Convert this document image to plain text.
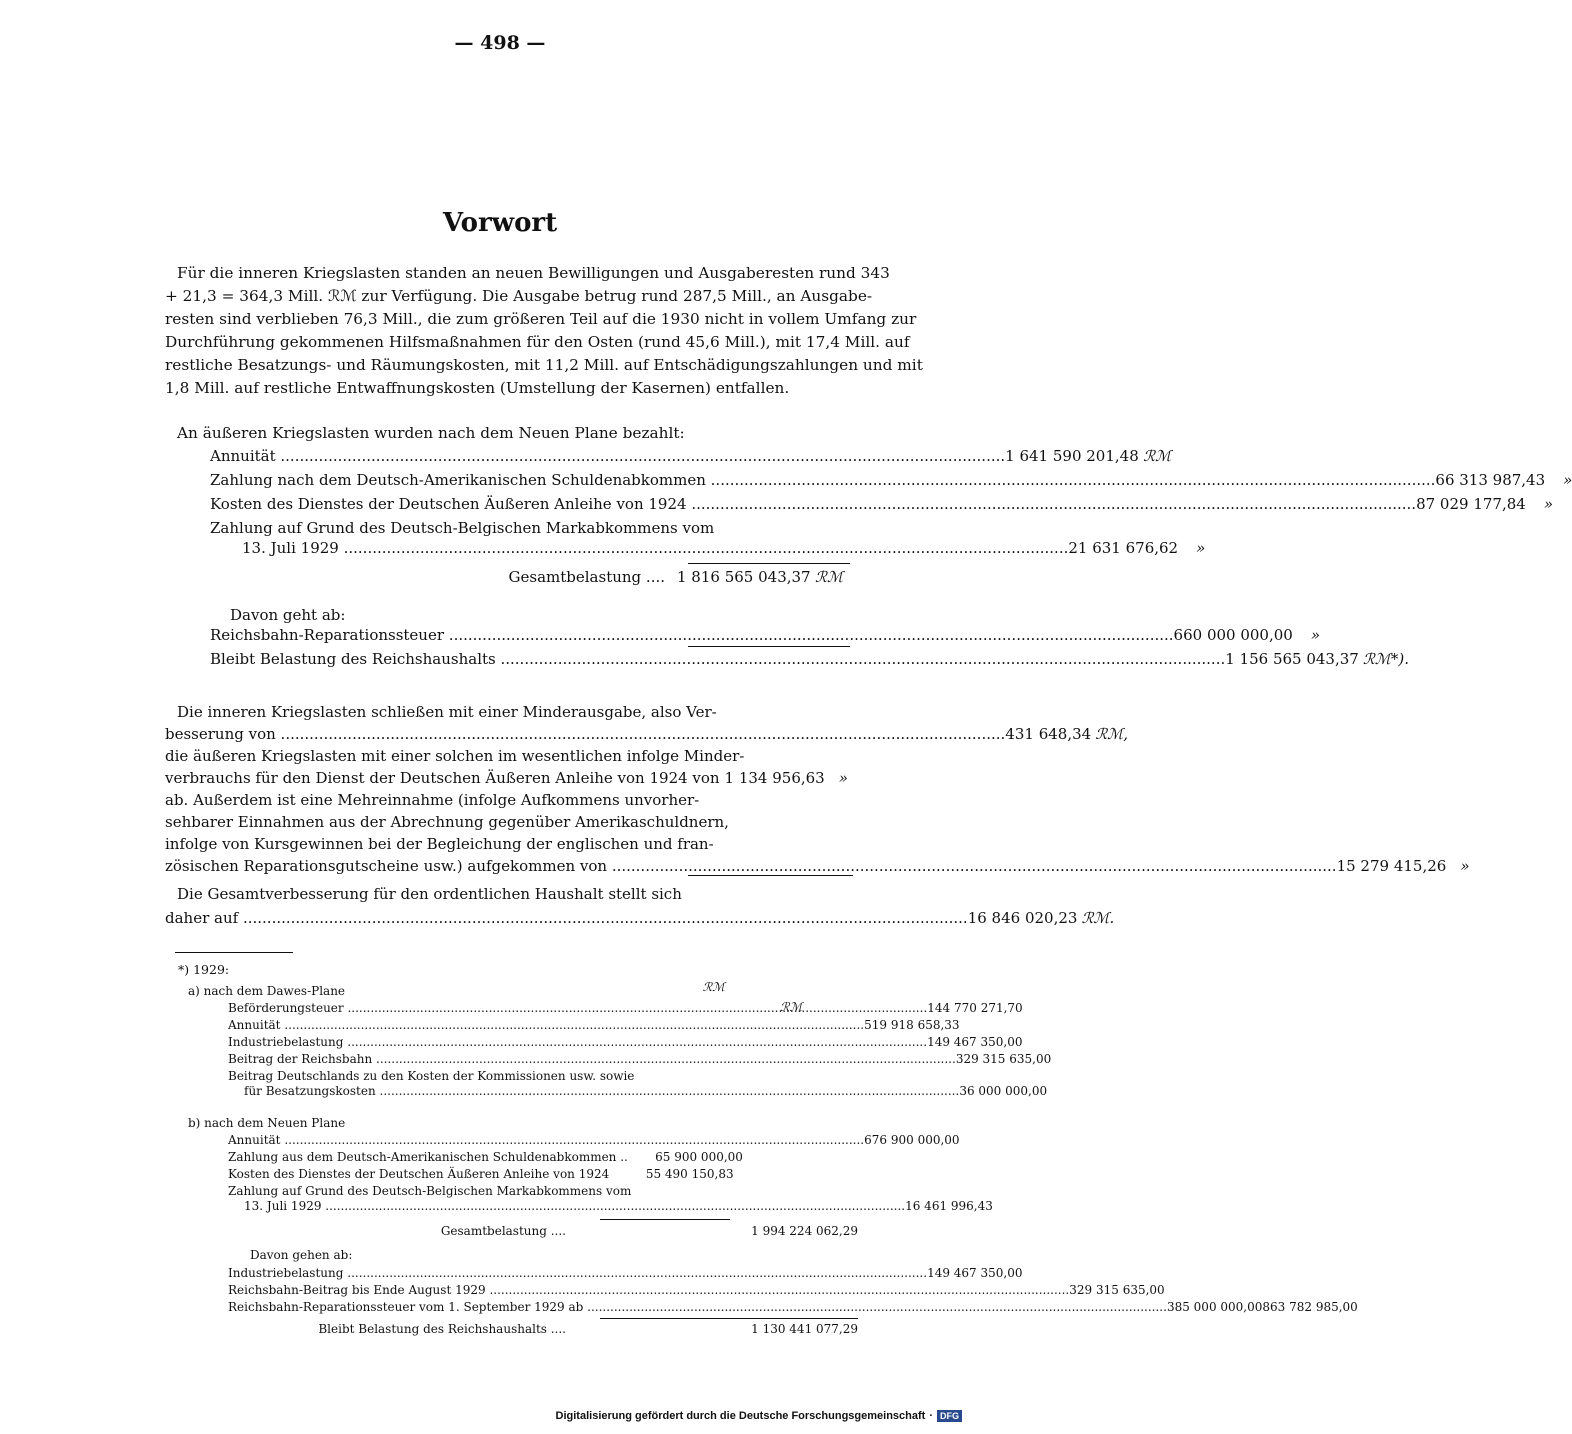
— 498 —
Vorwort
Für die inneren Kriegslasten standen an neuen Bewilligungen und Ausgaberesten rund 343
+ 21,3 = 364,3 Mill. ℛℳ zur Verfügung. Die Ausgabe betrug rund 287,5 Mill., an Ausgabe-
resten sind verblieben 76,3 Mill., die zum größeren Teil auf die 1930 nicht in vollem Umfang zur
Durchführung gekommenen Hilfsmaßnahmen für den Osten (rund 45,6 Mill.), mit 17,4 Mill. auf
restliche Besatzungs- und Räumungskosten, mit 11,2 Mill. auf Entschädigungszahlungen und mit
1,8 Mill. auf restliche Entwaffnungskosten (Umstellung der Kasernen) entfallen.
An äußeren Kriegslasten wurden nach dem Neuen Plane bezahlt:
Annuität .....	1 641 590 201,48 ℛℳ
Zahlung nach dem Deutsch-Amerikanischen Schuldenabkommen .....	66 313 987,43	»
Kosten des Dienstes der Deutschen Äußeren Anleihe von 1924 .....	87 029 177,84	»
Zahlung auf Grund des Deutsch-Belgischen Markabkommens vom
13. Juli 1929 .....	21 631 676,62	»
Gesamtbelastung .... 1 816 565 043,37 ℛℳ
Davon geht ab:
Reichsbahn-Reparationssteuer .....	660 000 000,00	»
Bleibt Belastung des Reichshaushalts .....	1 156 565 043,37 ℛℳ*).
Die inneren Kriegslasten schließen mit einer Minderausgabe, also Ver-
besserung von .....	431 648,34 ℛℳ,
die äußeren Kriegslasten mit einer solchen im wesentlichen infolge Minder-
verbrauchs für den Dienst der Deutschen Äußeren Anleihe von 1924 von 1 134 956,63 »
ab. Außerdem ist eine Mehreinnahme (infolge Aufkommens unvorher-
sehbarer Einnahmen aus der Abrechnung gegenüber Amerikaschuldnern,
infolge von Kursgewinnen bei der Begleichung der englischen und fran-
zösischen Reparationsgutscheine usw.) aufgekommen von .....	15 279 415,26 »
Die Gesamtverbesserung für den ordentlichen Haushalt stellt sich
daher auf .....	16 846 020,23 ℛℳ.
*) 1929:
ℛℳ
ℛℳ
a) nach dem Dawes-Plane
Beförderungsteuer .....	144 770 271,70
Annuität .....	519 918 658,33
Industriebelastung .....	149 467 350,00
Beitrag der Reichsbahn .....	329 315 635,00
Beitrag Deutschlands zu den Kosten der Kommissionen usw. sowie
für Besatzungskosten .....	36 000 000,00
b) nach dem Neuen Plane
Annuität .....	676 900 000,00
Zahlung aus dem Deutsch-Amerikanischen Schuldenabkommen ..	65 900 000,00
Kosten des Dienstes der Deutschen Äußeren Anleihe von 1924	55 490 150,83
Zahlung auf Grund des Deutsch-Belgischen Markabkommens vom
13. Juli 1929 .....	16 461 996,43
Gesamtbelastung ....	1 994 224 062,29
Davon gehen ab:
Industriebelastung .....	149 467 350,00
Reichsbahn-Beitrag bis Ende August 1929 .....	329 315 635,00
Reichsbahn-Reparationssteuer vom 1. September 1929 ab .....	385 000 000,00 863 782 985,00
Bleibt Belastung des Reichshaushalts ....	1 130 441 077,29
Digitalisierung gefördert durch die Deutsche Forschungsgemeinschaft · DFG
